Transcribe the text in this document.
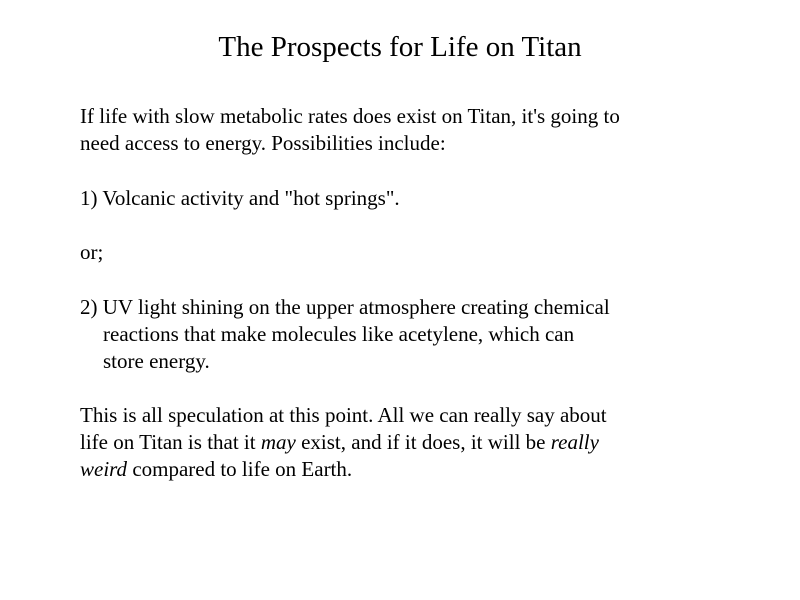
The Prospects for Life on Titan

If life with slow metabolic rates does exist on Titan, it's going to
need access to energy. Possibilities include:

1) Volcanic activity and "hot springs".

or;

2) UV light shining on the upper atmosphere creating chemical
reactions that make molecules like acetylene, which can
store energy.

This is all speculation at this point. All we can really say about
life on Titan is that it may exist, and if it does, it will be really
weird compared to life on Earth.
